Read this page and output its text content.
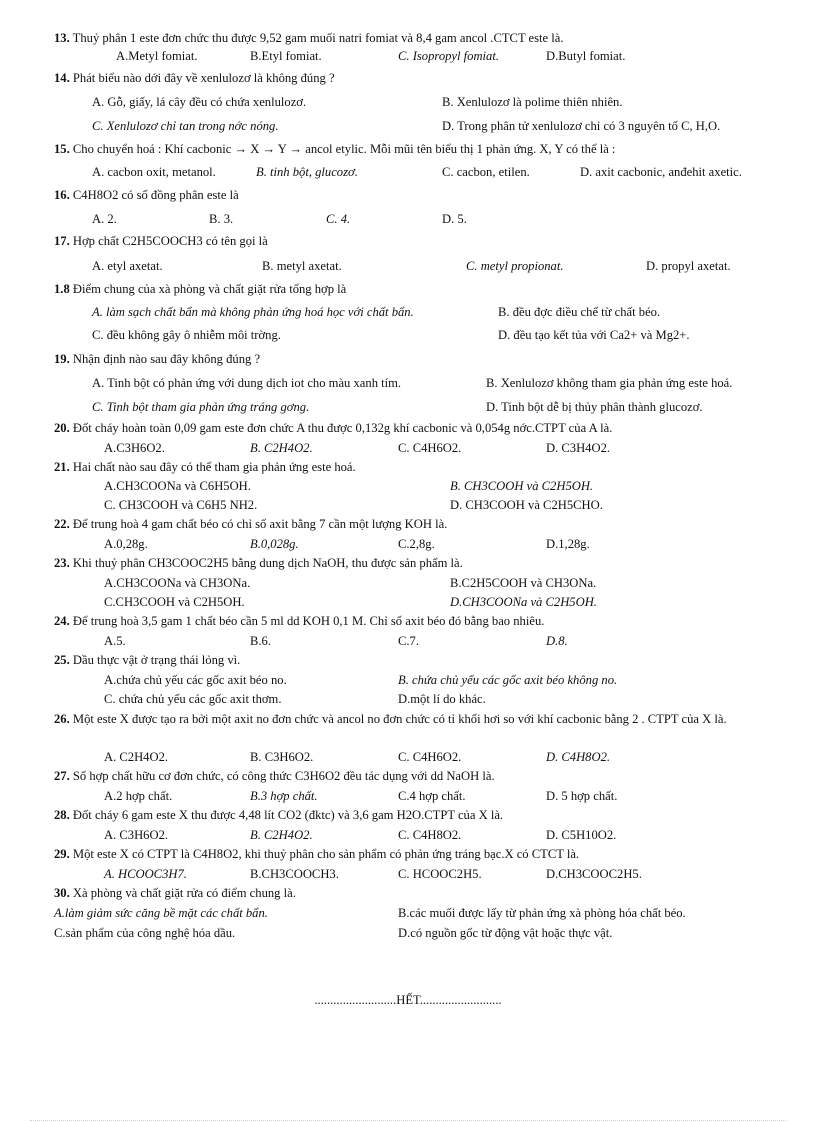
13. Thuỷ phân 1 este đơn chức thu được 9,52 gam muối natri fomiat và 8,4 gam ancol .CTCT este là.
A.Metyl fomiat.	B.Etyl fomiat.	C. Isopropyl fomiat.	D.Butyl fomiat.
14. Phát biểu nào dới đây về xenlulozơ là không đúng ?
A. Gỗ, giấy, lá cây đều có chứa xenlulozơ.	B. Xenlulozơ là polime thiên nhiên.
C. Xenlulozơ chỉ tan trong nớc nóng.	D. Trong phân tử xenlulozơ chỉ có 3 nguyên tố C, H,O.
15. Cho chuyển hoá : Khí cacbonic → X → Y → ancol etylic. Mỗi mũi tên biểu thị 1 phản ứng. X, Y có thể là :
A. cacbon oxit, metanol.	B. tinh bột, glucozơ.	C. cacbon, etilen.	D. axit cacbonic, anđehit axetic.
16. C4H8O2 có số đồng phân este là
A. 2.	B. 3.	C. 4.	D. 5.
17. Hợp chất C2H5COOCH3 có tên gọi là
A. etyl axetat.	B. metyl axetat.	C. metyl propionat.	D. propyl axetat.
1.8 Điểm chung của xà phòng và chất giặt rửa tổng hợp là
A. làm sạch chất bẩn mà không phản ứng hoá học với chất bẩn.	B. đều đợc điều chế từ chất béo.
C. đều không gây ô nhiễm môi trờng.	D. đều tạo kết tủa với Ca2+ và Mg2+.
19. Nhận định nào sau đây không đúng ?
A. Tinh bột có phản ứng với dung dịch iot cho màu xanh tím.	B. Xenlulozơ không tham gia phản ứng este hoá.
C. Tinh bột tham gia phản ứng tráng gơng.	D. Tinh bột dễ bị thủy phân thành glucozơ.
20. Đốt cháy hoàn toàn 0,09 gam este đơn chức A thu được 0,132g khí cacbonic và 0,054g nớc.CTPT của A là.
A.C3H6O2.	B. C2H4O2.	C. C4H6O2.	D. C3H4O2.
21. Hai chất nào sau đây có thể tham gia phản ứng este hoá.
A.CH3COONa và C6H5OH.	B. CH3COOH và C2H5OH.
C. CH3COOH và C6H5 NH2.	D. CH3COOH và C2H5CHO.
22. Để trung hoà 4 gam chất béo có chỉ số axit bằng 7 cần một lượng KOH là.
A.0,28g.	B.0,028g.	C.2,8g.	D.1,28g.
23. Khi thuỷ phân CH3COOC2H5 bằng dung dịch NaOH, thu được sản phẩm là.
A.CH3COONa và CH3ONa.	B.C2H5COOH và CH3ONa.
C.CH3COOH và C2H5OH.	D.CH3COONa và C2H5OH.
24. Để trung hoà 3,5 gam 1 chất béo cần 5 ml dd KOH 0,1 M. Chỉ số axit béo đó bằng bao nhiêu.
A.5.	B.6.	C.7.	D.8.
25. Dầu thực vật ở trạng thái lỏng vì.
A.chứa chủ yếu các gốc axit béo no.	B. chứa chủ yếu các gốc axit béo không no.
C. chứa chủ yếu các gốc axit thơm.	D.một lí do khác.
26. Một este X được tạo ra bởi một axit no đơn chức và ancol no đơn chức có tỉ khối hơi so với khí cacbonic bằng 2 . CTPT của X là.
A. C2H4O2.	B. C3H6O2.	C. C4H6O2.	D. C4H8O2.
27. Số hợp chất hữu cơ đơn chức, có công thức C3H6O2 đều tác dụng với dd NaOH là.
A.2 hợp chất.	B.3 hợp chất.	C.4 hợp chất.	D. 5 hợp chất.
28. Đốt cháy 6 gam este X thu được 4,48 lít CO2 (đktc) và 3,6 gam H2O.CTPT của X là.
A. C3H6O2.	B. C2H4O2.	C. C4H8O2.	D. C5H10O2.
29. Một este X có CTPT là C4H8O2, khi thuỷ phân cho sản phẩm có phản ứng tráng bạc.X có CTCT là.
A. HCOOC3H7.	B.CH3COOCH3.	C. HCOOC2H5.	D.CH3COOC2H5.
30. Xà phòng và chất giặt rửa có điểm chung là.
A.làm giảm sức căng bề mặt các chất bẩn.	B.các muối được lấy từ phản ứng xà phòng hóa chất béo.
C.sản phẩm của công nghệ hóa dầu.	D.có nguồn gốc từ động vật hoặc thực vật.
..........................HẾT..........................
